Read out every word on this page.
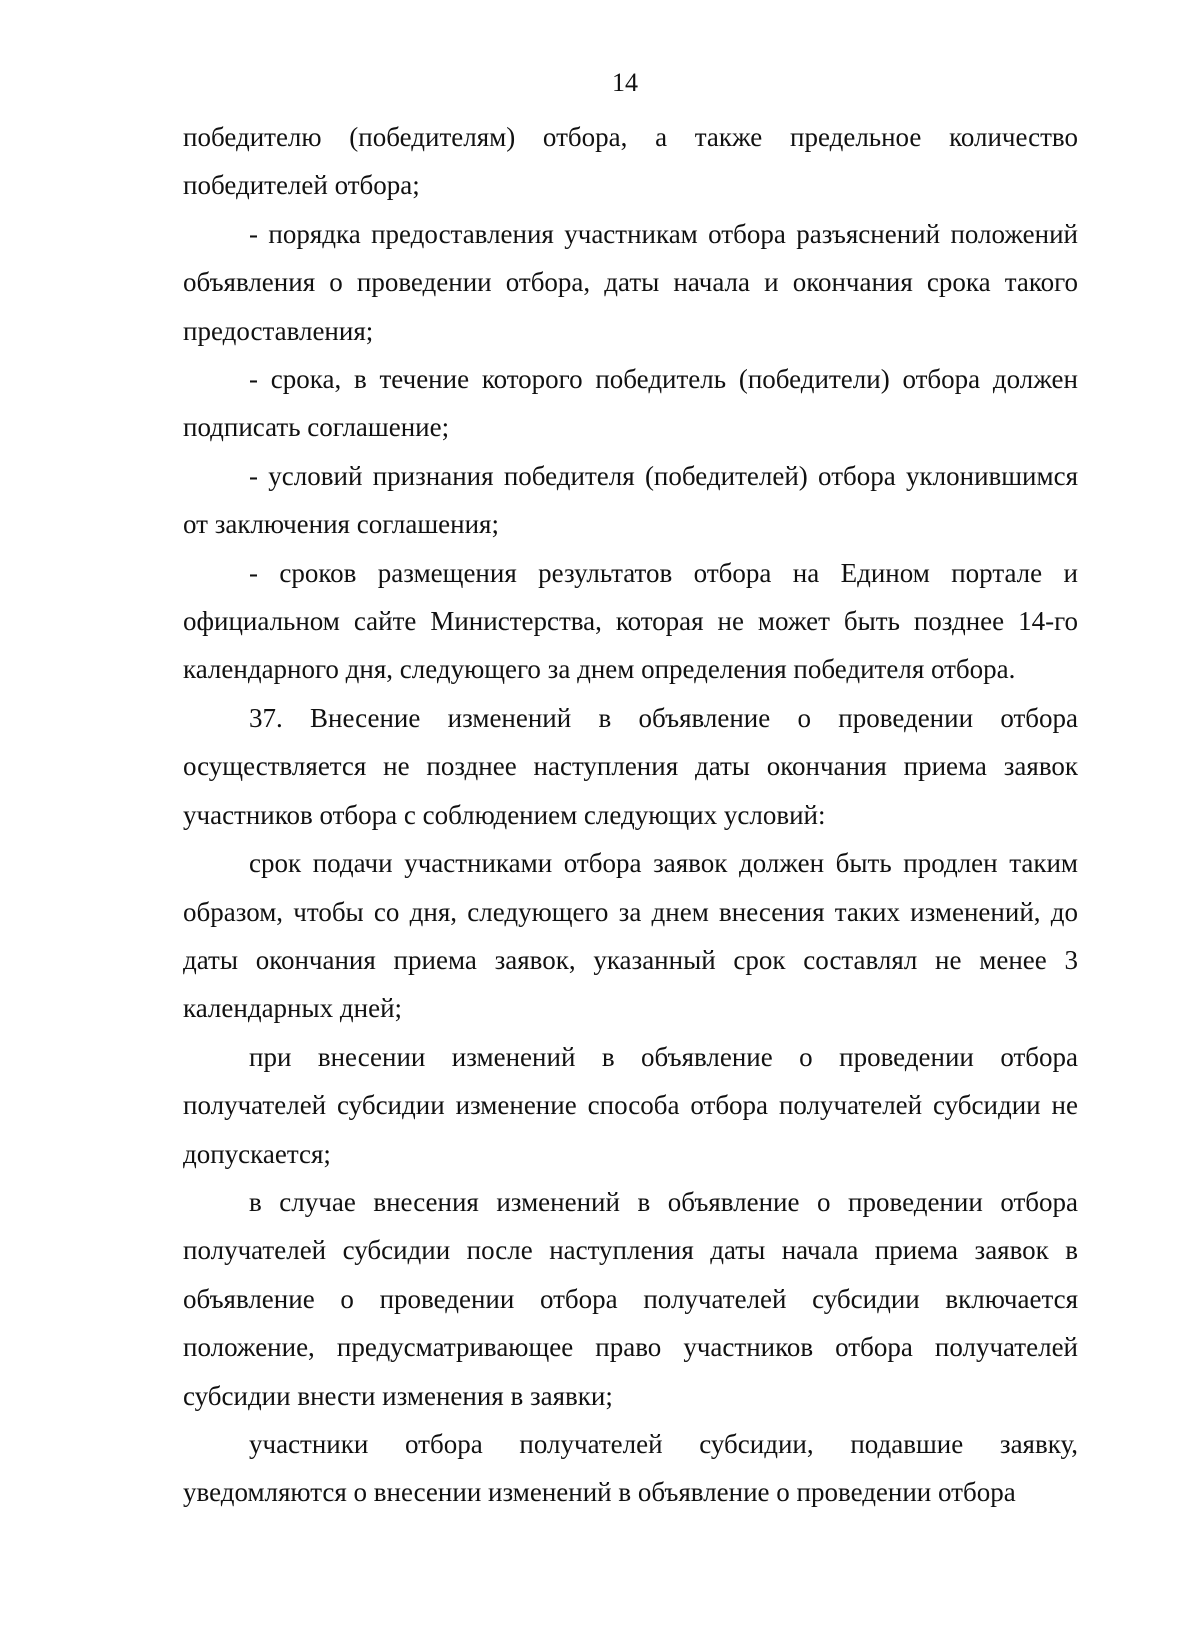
14

победителю (победителям) отбора, а также предельное количество победителей отбора;

- порядка предоставления участникам отбора разъяснений положений объявления о проведении отбора, даты начала и окончания срока такого предоставления;

- срока, в течение которого победитель (победители) отбора должен подписать соглашение;

- условий признания победителя (победителей) отбора уклонившимся от заключения соглашения;

- сроков размещения результатов отбора на Едином портале и официальном сайте Министерства, которая не может быть позднее 14-го календарного дня, следующего за днем определения победителя отбора.

37. Внесение изменений в объявление о проведении отбора осуществляется не позднее наступления даты окончания приема заявок участников отбора с соблюдением следующих условий:

срок подачи участниками отбора заявок должен быть продлен таким образом, чтобы со дня, следующего за днем внесения таких изменений, до даты окончания приема заявок, указанный срок составлял не менее 3 календарных дней;

при внесении изменений в объявление о проведении отбора получателей субсидии изменение способа отбора получателей субсидии не допускается;

в случае внесения изменений в объявление о проведении отбора получателей субсидии после наступления даты начала приема заявок в объявление о проведении отбора получателей субсидии включается положение, предусматривающее право участников отбора получателей субсидии внести изменения в заявки;

участники отбора получателей субсидии, подавшие заявку, уведомляются о внесении изменений в объявление о проведении отбора
